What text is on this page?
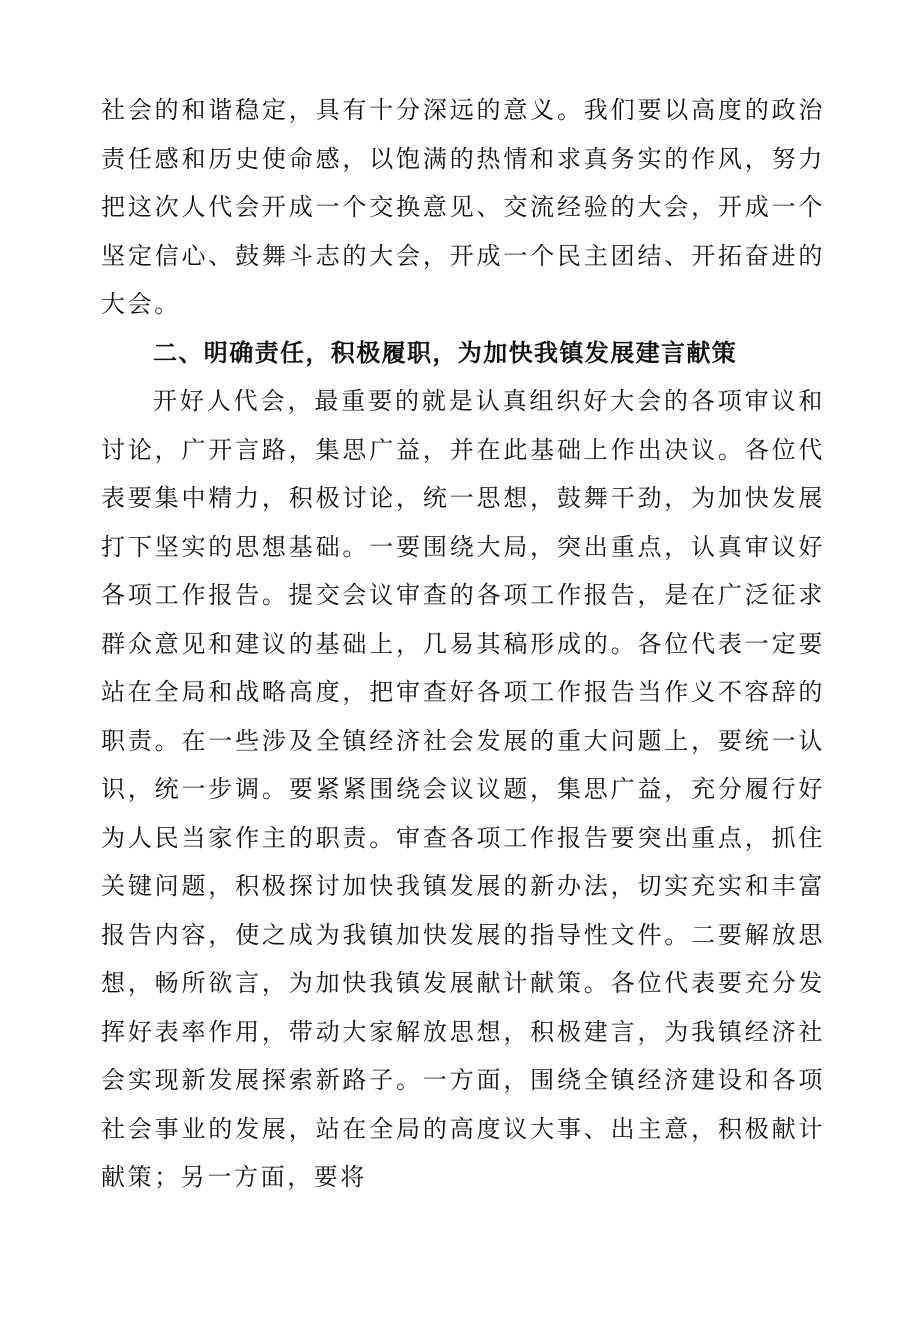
社会的和谐稳定，具有十分深远的意义。我们要以高度的政治责任感和历史使命感，以饱满的热情和求真务实的作风，努力把这次人代会开成一个交换意见、交流经验的大会，开成一个坚定信心、鼓舞斗志的大会，开成一个民主团结、开拓奋进的大会。

二、明确责任，积极履职，为加快我镇发展建言献策

开好人代会，最重要的就是认真组织好大会的各项审议和讨论，广开言路，集思广益，并在此基础上作出决议。各位代表要集中精力，积极讨论，统一思想，鼓舞干劲，为加快发展打下坚实的思想基础。一要围绕大局，突出重点，认真审议好各项工作报告。提交会议审查的各项工作报告，是在广泛征求群众意见和建议的基础上，几易其稿形成的。各位代表一定要站在全局和战略高度，把审查好各项工作报告当作义不容辞的职责。在一些涉及全镇经济社会发展的重大问题上，要统一认识，统一步调。要紧紧围绕会议议题，集思广益，充分履行好为人民当家作主的职责。审查各项工作报告要突出重点，抓住关键问题，积极探讨加快我镇发展的新办法，切实充实和丰富报告内容，使之成为我镇加快发展的指导性文件。二要解放思想，畅所欲言，为加快我镇发展献计献策。各位代表要充分发挥好表率作用，带动大家解放思想，积极建言，为我镇经济社会实现新发展探索新路子。一方面，围绕全镇经济建设和各项社会事业的发展，站在全局的高度议大事、出主意，积极献计献策；另一方面，要将
